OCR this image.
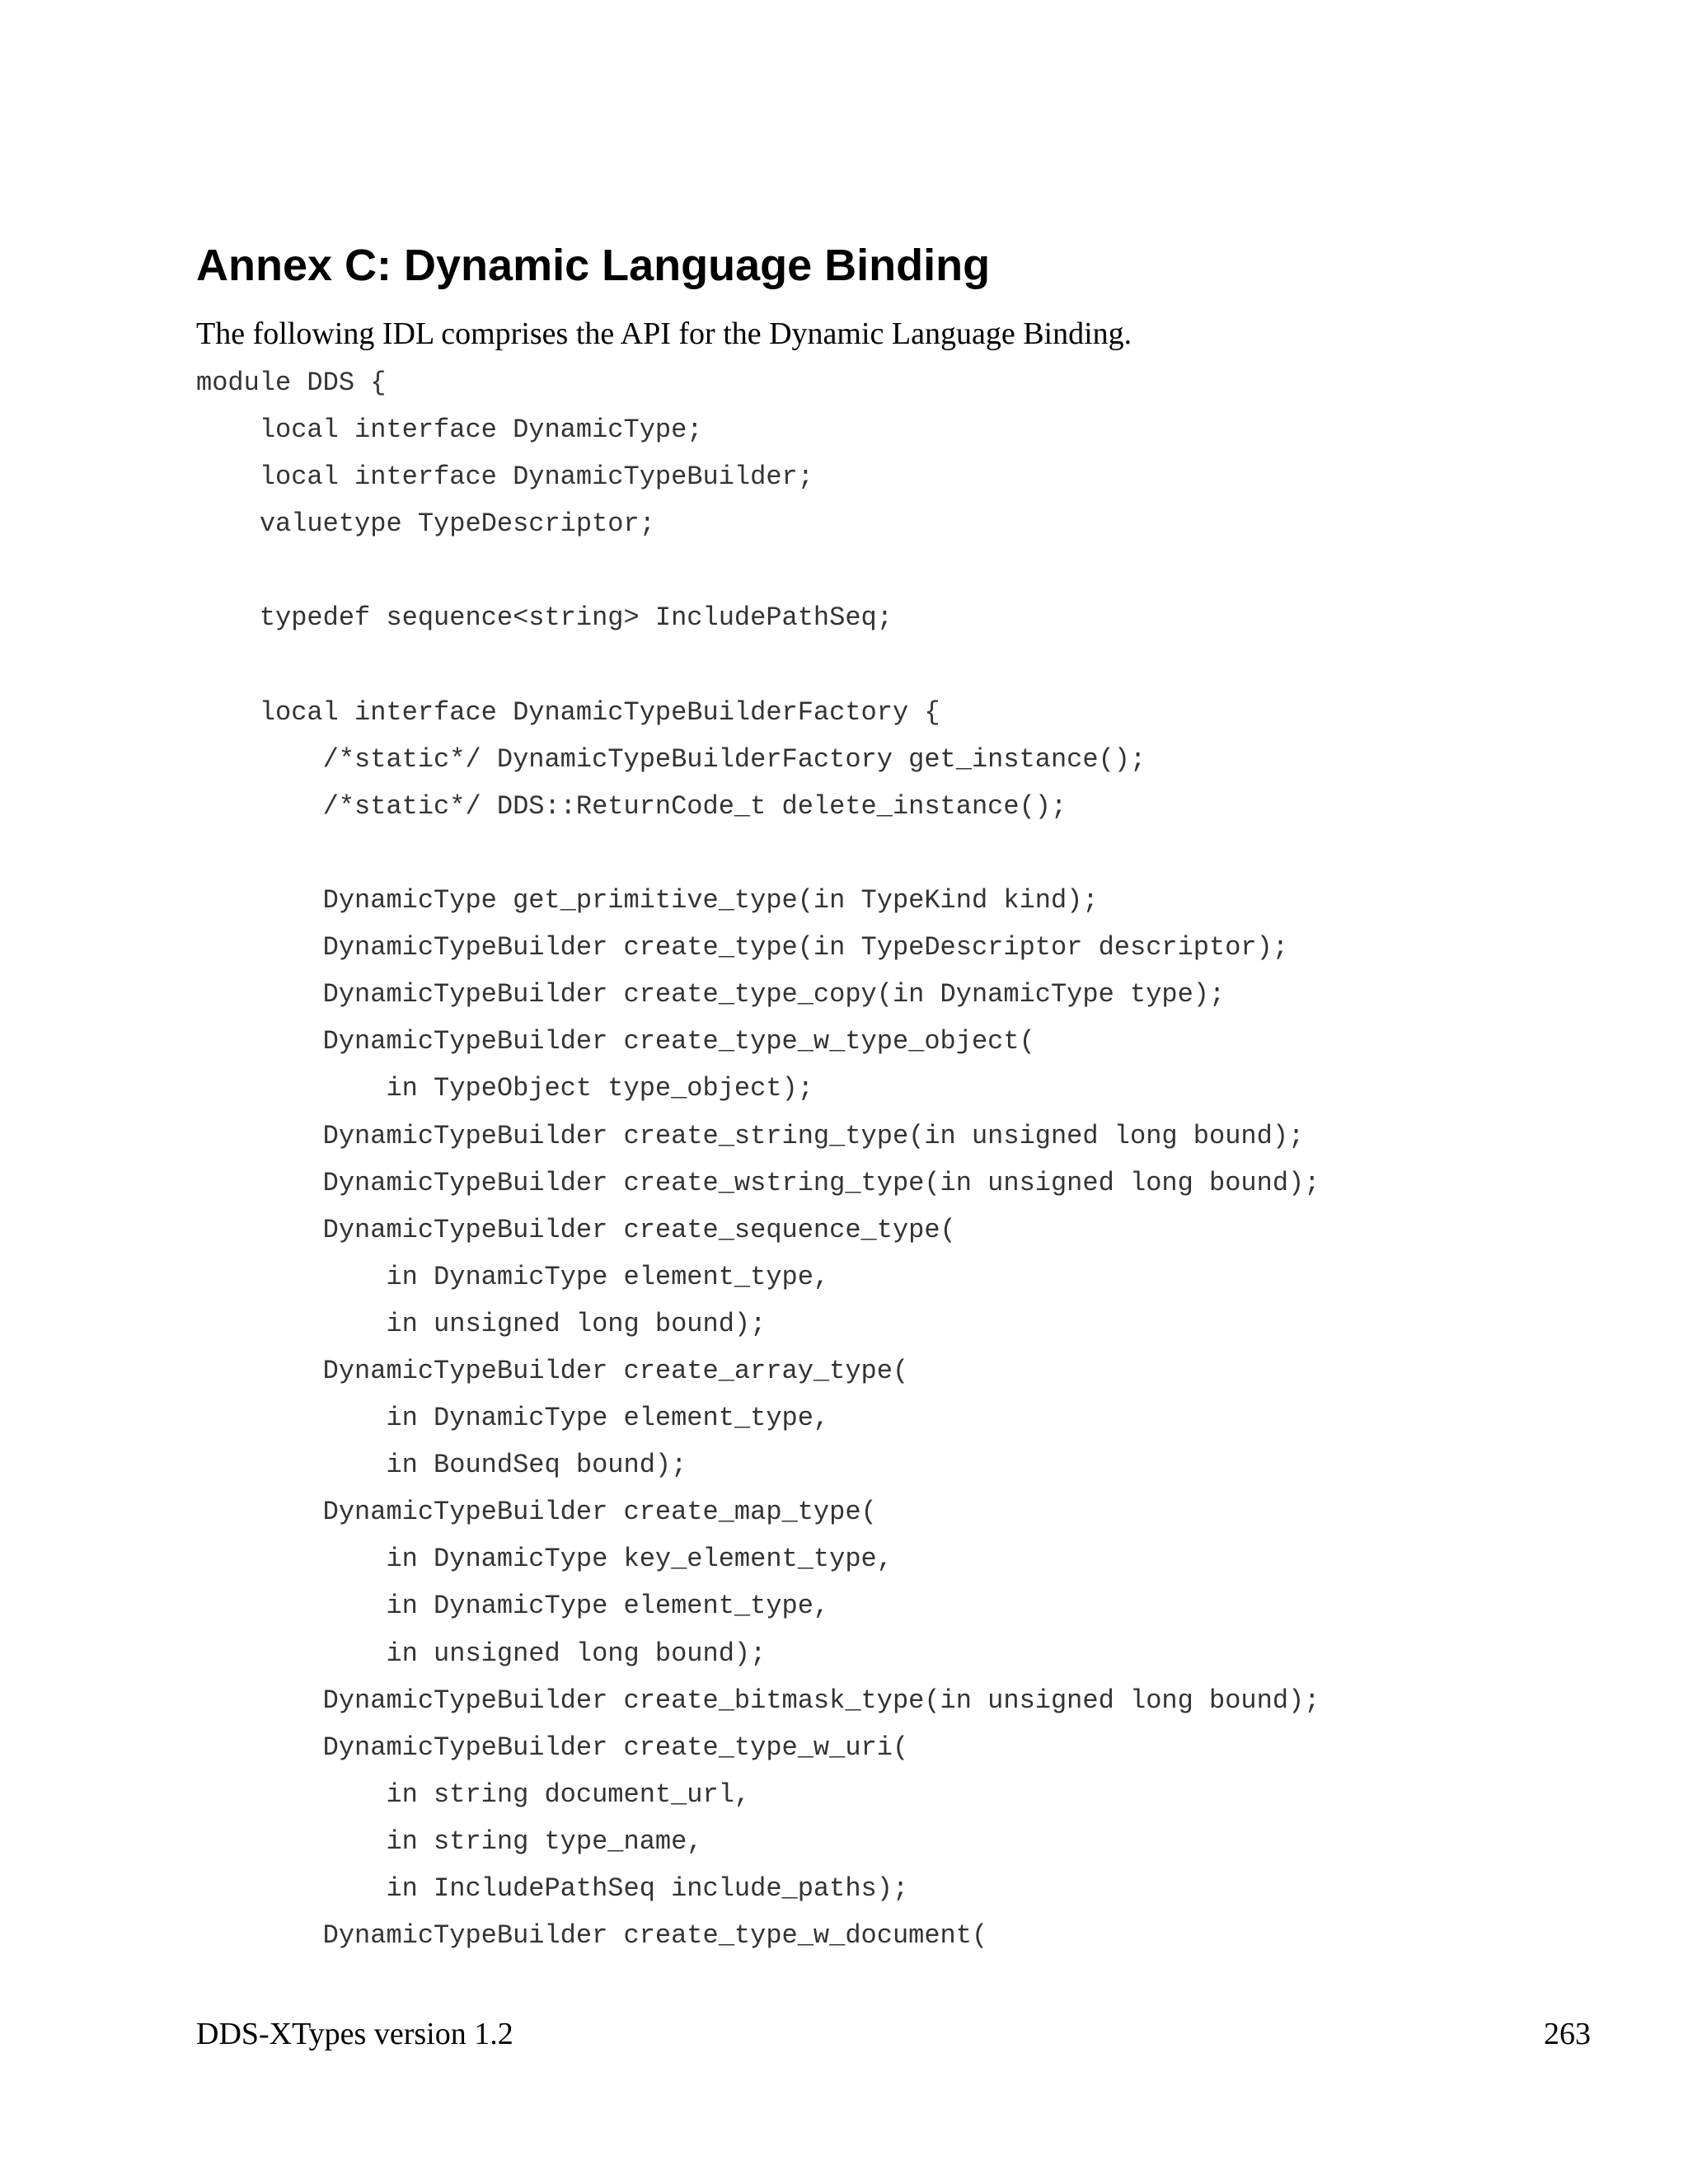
Annex C: Dynamic Language Binding

The following IDL comprises the API for the Dynamic Language Binding.

module DDS {
local interface DynamicType;
local interface DynamicTypeBuilder;
valuetype TypeDescriptor;
typedef sequence<string> IncludePathSeq;
local interface DynamicTypeBuilderFactory {
/*static*/ DynamicTypeBuilderFactory get_instance();
/*static*/ DDS::ReturnCode_t delete_instance();
DynamicType get_primitive_type(in TypeKind kind);
DynamicTypeBuilder create_type(in TypeDescriptor descriptor);
DynamicTypeBuilder create_type_copy(in DynamicType type);
DynamicTypeBuilder create_type_w_type_object(
in TypeObject type_object);
DynamicTypeBuilder create_string_type(in unsigned long bound);
DynamicTypeBuilder create_wstring_type(in unsigned long bound);
DynamicTypeBuilder create_sequence_type(
in DynamicType element_type,
in unsigned long bound);
DynamicTypeBuilder create_array_type(
in DynamicType element_type,
in BoundSeq bound);
DynamicTypeBuilder create_map_type(
in DynamicType key_element_type,
in DynamicType element_type,
in unsigned long bound);
DynamicTypeBuilder create_bitmask_type(in unsigned long bound);
DynamicTypeBuilder create_type_w_uri(
in string document_url,
in string type_name,
in IncludePathSeq include_paths);
DynamicTypeBuilder create_type_w_document(

DDS-XTypes version 1.2	263
